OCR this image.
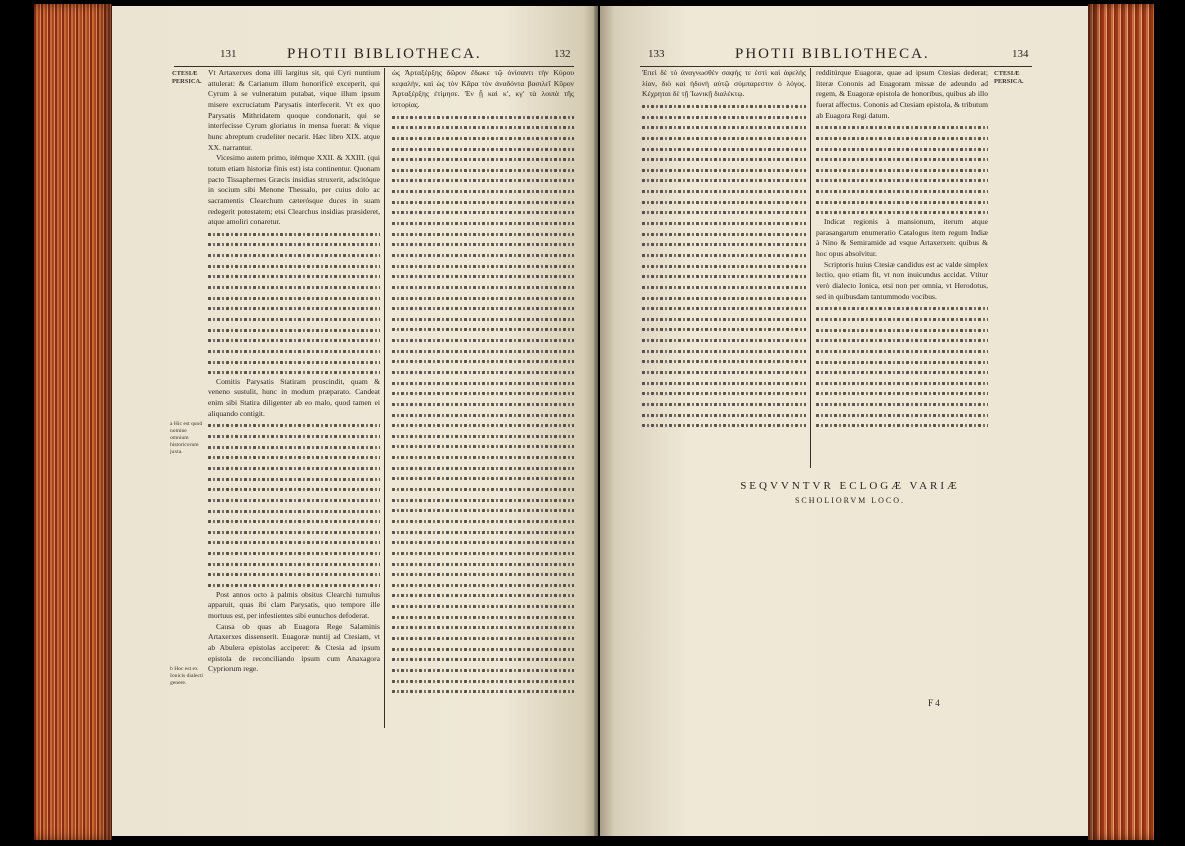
131	PHOTII BIBLIOTHECA.	132
CTESIÆ PERSICA.

Vt Artaxerxes dona illi largitus sit, qui Cyri nuntium attulerat: & Carianum illum honorificè exceperit, qui Cyrum à se vulneratum putabat, vique illum ipsum misere excruciatum Parysatis interfecerit. Vt ex quo Parysatis Mithridatem quoque condonarit, qui se interfecisse Cyrum gloriatus in mensa fuerat: & vique hunc abreptum crudeliter necarit. Hæc libro XIX. atque XX. narrantur.

Vicesimo autem primo, itémque XXII. & XXIII. (qui totum etiam historiæ finis est) ista continentur. Quonam pacto Tissaphernes Græcis insidias struxerit, adscitóque in socium sibi Menone Thessalo, per cuius dolo ac sacramentis Clearchum cæterósque duces in suam redegerit potestatem; etsi Clearchus insidias præsideret, atque amoliri conaretur.

Comitis Parysatis Statiram proscindit, quam & veneno sustulit, hunc in modum præparato. Candeat enim sibi Statira diligenter ab eo malo, quod tamen ei aliquando contigit.

Post annos octo à palmis obsitus Clearchi tumulus apparuit, quas ibi clam Parysatis, quo tempore ille mortuus est, per infestientes sibi eunuchos defoderat.

Causa ob quas ab Euagora Rege Salaminis Artaxerxes dissenserit. Euagoræ nuntij ad Ctesiam, vt ab Abulera epistolas acciperet: & Ctesia ad ipsum epistola de reconciliando ipsum cum Anaxagora Cypriorum rege.

ὡς Ἀρταξέρξης δῶρον ἔδωκε τῷ ὀνίσαντι τὴν Κύρου κεφαλήν, καὶ ὡς τὸν Κᾶρα τὸν ἀναδόντα βασιλεῖ Κῦρον Ἀρταξέρξης ἐτίμησε. Ἐν ᾗ καὶ κʹ, κγʹ τὰ λοιπὰ τῆς ἱστορίας.

a Hic est quod nomine omnium historicorum juxta.
b Hoc est ex Ionicis dialecti genere.
133	PHOTII BIBLIOTHECA.	134

Ἐπεὶ δὲ τὸ ἀναγνωσθὲν σαφὴς τε ἐστὶ καὶ ἀφελὴς λίαν, διὸ καὶ ἡδονὴ αὐτῷ σύμπαρεστιν ὁ λόγος. Κέχρηται δὲ τῇ Ἰωνικῇ διαλέκτῳ.

redditúrque Euagoræ, quae ad ipsum Ctesias dederat; literæ Cononis ad Euagoram missæ de adeundo ad regem, & Euagoræ epistola de honoribus, quibus ab illo fuerat affectus. Cononis ad Ctesiam epistola, & tributum ab Euagora Regi datum.

Indicat regionis à mansionum, iterum atque parasangarum enumeratio Catalogus item regum Indiæ à Nino & Semiramide ad vsque Artaxerxen: quibus & hoc opus absolvitur.

Scriptoris huius Ctesiæ candidus est ac valde simplex lectio, quo etiam fit, vt non inuicundus accidat. Vtitur verò dialecto Ionica, etsi non per omnia, vt Herodotus, sed in quibusdam tantummodo vocibus.

CTESIÆ PERSICA.
SEQVVNTVR ECLOGÆ VARIÆ
SCHOLIORVM LOCO.
F 4
